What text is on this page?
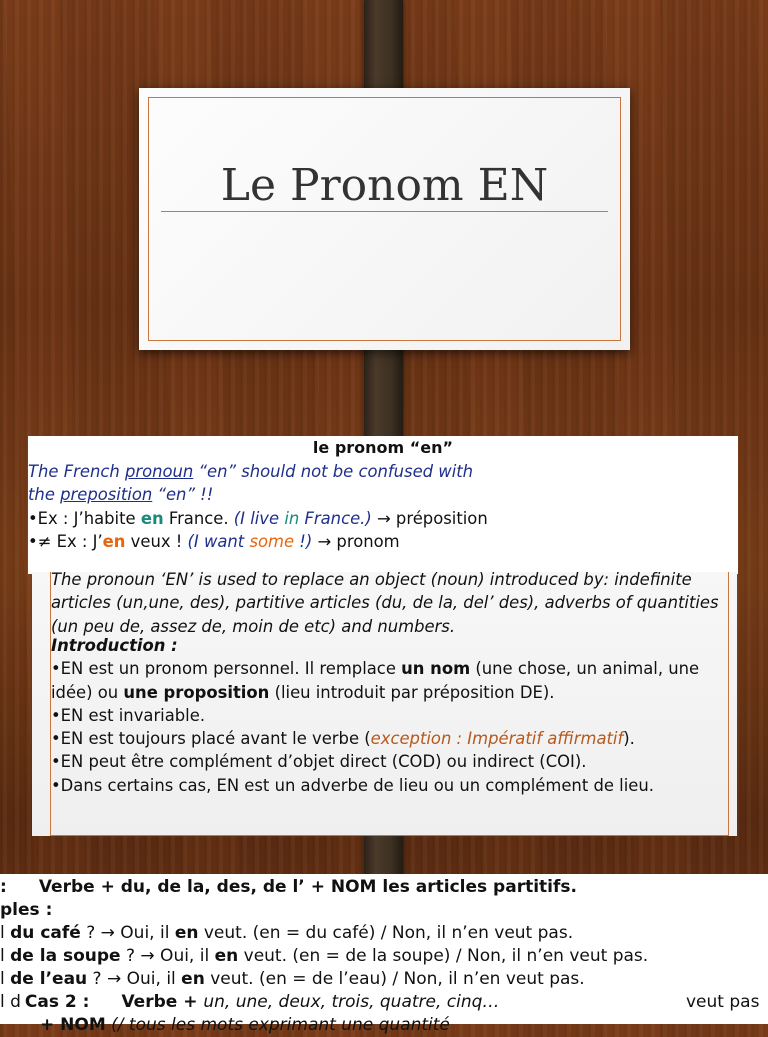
Le Pronom EN
le pronom “en”
The French pronoun “en” should not be confused with
the preposition “en” !!
•Ex : J’habite en France. (I live in France.) → préposition
•≠ Ex : J’en veux ! (I want some !) → pronom
The pronoun ‘EN’ is used to replace an object (noun) introduced by: indefinite articles (un,une, des), partitive articles (du, de la, del’ des), adverbs of quantities (un peu de, assez de, moin de etc) and numbers.
Introduction :
•EN est un pronom personnel. Il remplace un nom (une chose, un animal, une idée) ou une proposition (lieu introduit par préposition DE).
•EN est invariable.
•EN est toujours placé avant le verbe (exception : Impératif affirmatif).
•EN peut être complément d’objet direct (COD) ou indirect (COI).
•Dans certains cas, EN est un adverbe de lieu ou un complément de lieu.
: Verbe + du, de la, des, de l’ + NOM les articles partitifs.
ples :
l du café ? → Oui, il en veut. (en = du café) / Non, il n’en veut pas.
l de la soupe ? → Oui, il en veut. (en = de la soupe) / Non, il n’en veut pas.
l de l’eau ? → Oui, il en veut. (en = de l’eau) / Non, il n’en veut pas.
l d Cas 2 : Verbe + un, une, deux, trois, quatre, cinq…	veut pas
+ NOM (/ tous les mots exprimant une quantité
